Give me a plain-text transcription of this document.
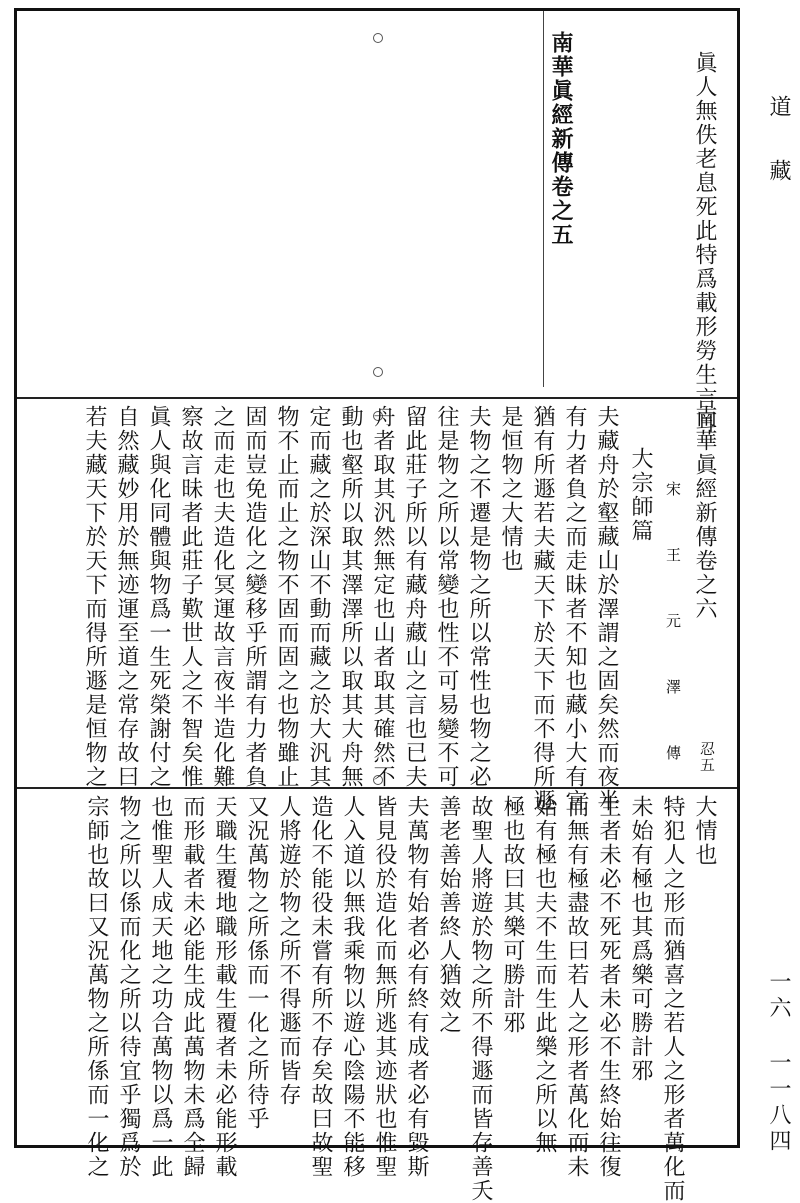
南華眞經新傳卷之五	眞人無佚老息死此特爲載形勞生言耳
南華眞經新傳卷之六
忍五
宋　王　元　澤　傳
大宗師篇
夫藏舟於壑藏山於澤謂之固矣然而夜半
有力者負之而走昧者不知也藏小大有宜
猶有所遯若夫藏天下於天下而不得所遯
是恒物之大情也
夫物之不遷是物之所以常性也物之必
往是物之所以常變也性不可易變不可
留此莊子所以有藏舟藏山之言也已夫
舟者取其汎然無定也山者取其確然不
動也壑所以取其澤澤所以取其大舟無
定而藏之於深山不動而藏之於大汎其
物不止而止之物不固而固之也物雖止
固而豈免造化之變移乎所謂有力者負
之而走也夫造化冥運故言夜半造化難
察故言昧者此莊子歎世人之不智矣惟
眞人與化同體與物爲一生死榮謝付之
自然藏妙用於無迹運至道之常存故曰
若夫藏天下於天下而得所遯是恒物之
大情也
特犯人之形而猶喜之若人之形者萬化而
未始有極也其爲樂可勝計邪
生者未必不死死者未必不生終始往復
而無有極盡故曰若人之形者萬化而未
始有極也夫不生而生此樂之所以無
極也故曰其樂可勝計邪
故聖人將遊於物之所不得遯而皆存善夭
善老善始善終人猶效之
夫萬物有始者必有終有成者必有毀斯
皆見役於造化而無所逃其迹狀也惟聖
人入道以無我乘物以遊心陰陽不能移
造化不能役未嘗有所不存矣故曰故聖
人將遊於物之所不得遯而皆存
又況萬物之所係而一化之所待乎
天職生覆地職形載生覆者未必能形載
而形載者未必能生成此萬物未爲全歸
也惟聖人成天地之功合萬物以爲一此
物之所以係而化之所以待宜乎獨爲於
宗師也故曰又況萬物之所係而一化之
道　藏
一六 一一八四
